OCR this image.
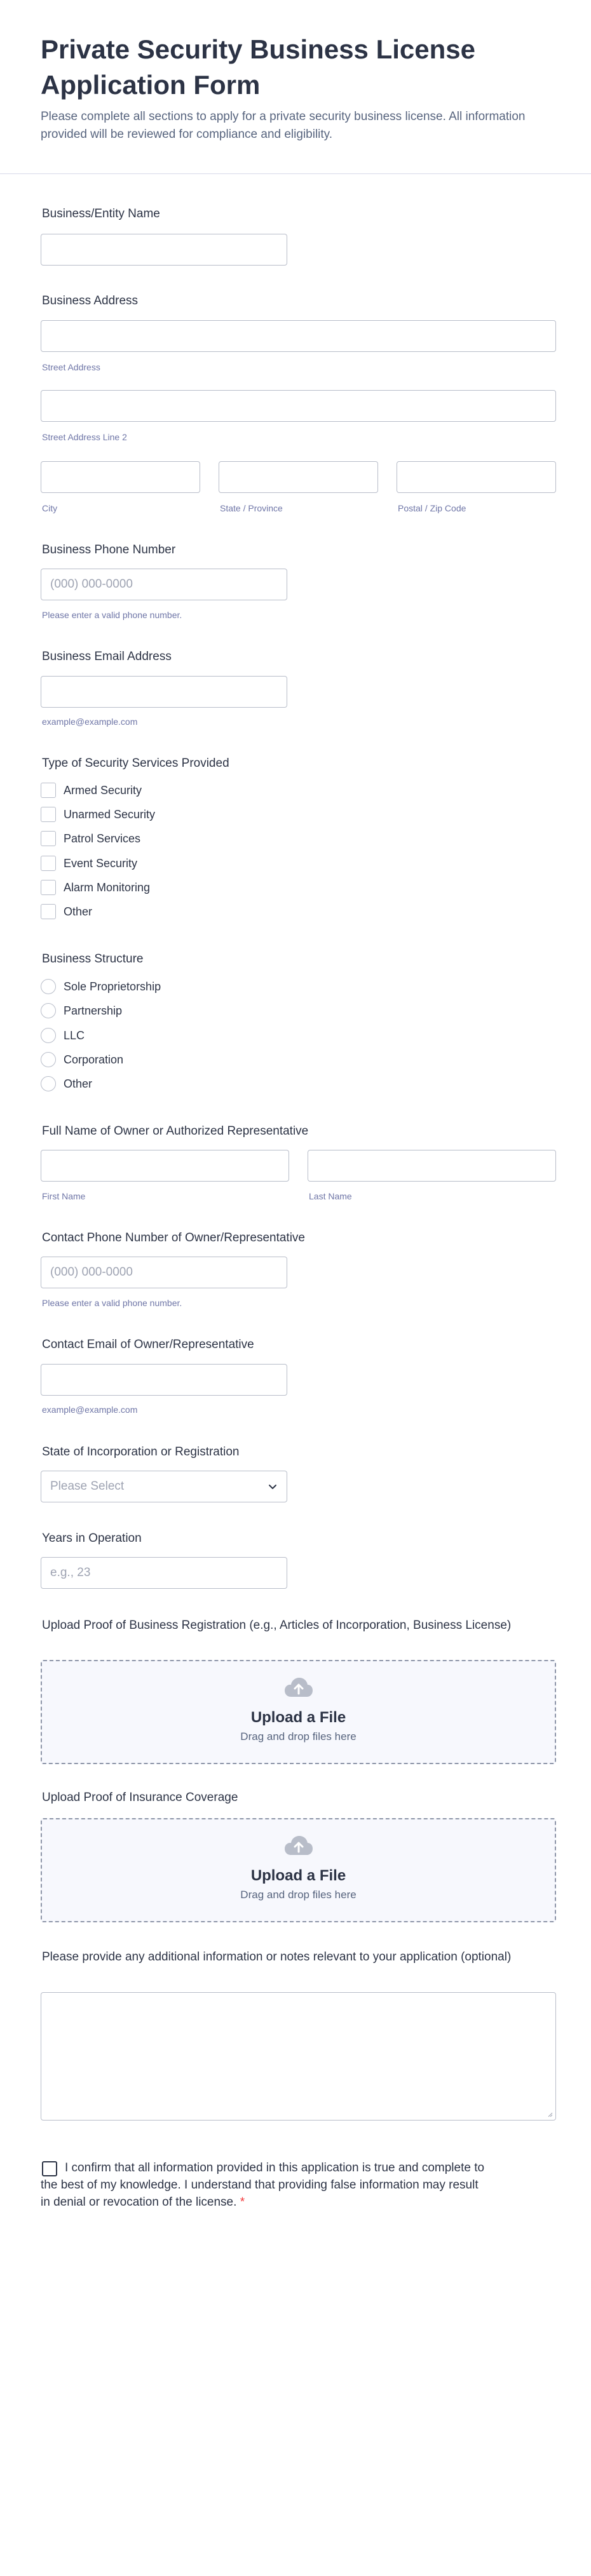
Private Security Business License Application Form

Please complete all sections to apply for a private security business license. All information provided will be reviewed for compliance and eligibility.

Business/Entity Name
Business Address
Street Address
Street Address Line 2
City	State / Province	Postal / Zip Code
Business Phone Number
(000) 000-0000
Please enter a valid phone number.
Business Email Address
example@example.com
Type of Security Services Provided
Armed Security
Unarmed Security
Patrol Services
Event Security
Alarm Monitoring
Other
Business Structure
Sole Proprietorship
Partnership
LLC
Corporation
Other
Full Name of Owner or Authorized Representative
First Name	Last Name
Contact Phone Number of Owner/Representative
(000) 000-0000
Please enter a valid phone number.
Contact Email of Owner/Representative
example@example.com
State of Incorporation or Registration
Please Select
Years in Operation
e.g., 23
Upload Proof of Business Registration (e.g., Articles of Incorporation, Business License)
Upload a File
Drag and drop files here
Upload Proof of Insurance Coverage
Upload a File
Drag and drop files here
Please provide any additional information or notes relevant to your application (optional)
I confirm that all information provided in this application is true and complete to the best of my knowledge. I understand that providing false information may result in denial or revocation of the license. *
